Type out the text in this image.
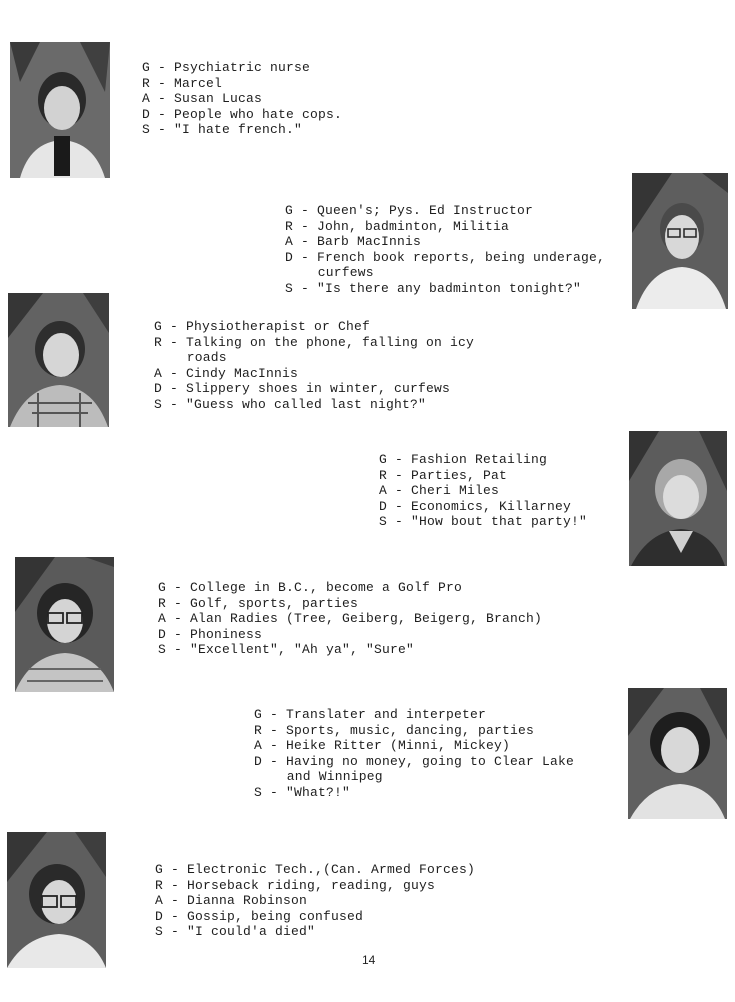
G - Psychiatric nurse
R - Marcel
A - Susan Lucas
D - People who hate cops.
S - "I hate french."
G - Queen's; Pys. Ed Instructor
R - John, badminton, Militia
A - Barb MacInnis
D - French book reports, being underage,
curfews
S - "Is there any badminton tonight?"
G - Physiotherapist or Chef
R - Talking on the phone, falling on icy
roads
A - Cindy MacInnis
D - Slippery shoes in winter, curfews
S - "Guess who called last night?"
G - Fashion Retailing
R - Parties, Pat
A - Cheri Miles
D - Economics, Killarney
S - "How bout that party!"
G - College in B.C., become a Golf Pro
R - Golf, sports, parties
A - Alan Radies (Tree, Geiberg, Beigerg, Branch)
D - Phoniness
S - "Excellent", "Ah ya", "Sure"
G - Translater and interpeter
R - Sports, music, dancing, parties
A - Heike Ritter (Minni, Mickey)
D - Having no money, going to Clear Lake
and Winnipeg
S - "What?!"
G - Electronic Tech.,(Can. Armed Forces)
R - Horseback riding, reading, guys
A - Dianna Robinson
D - Gossip, being confused
S - "I could'a died"
14
